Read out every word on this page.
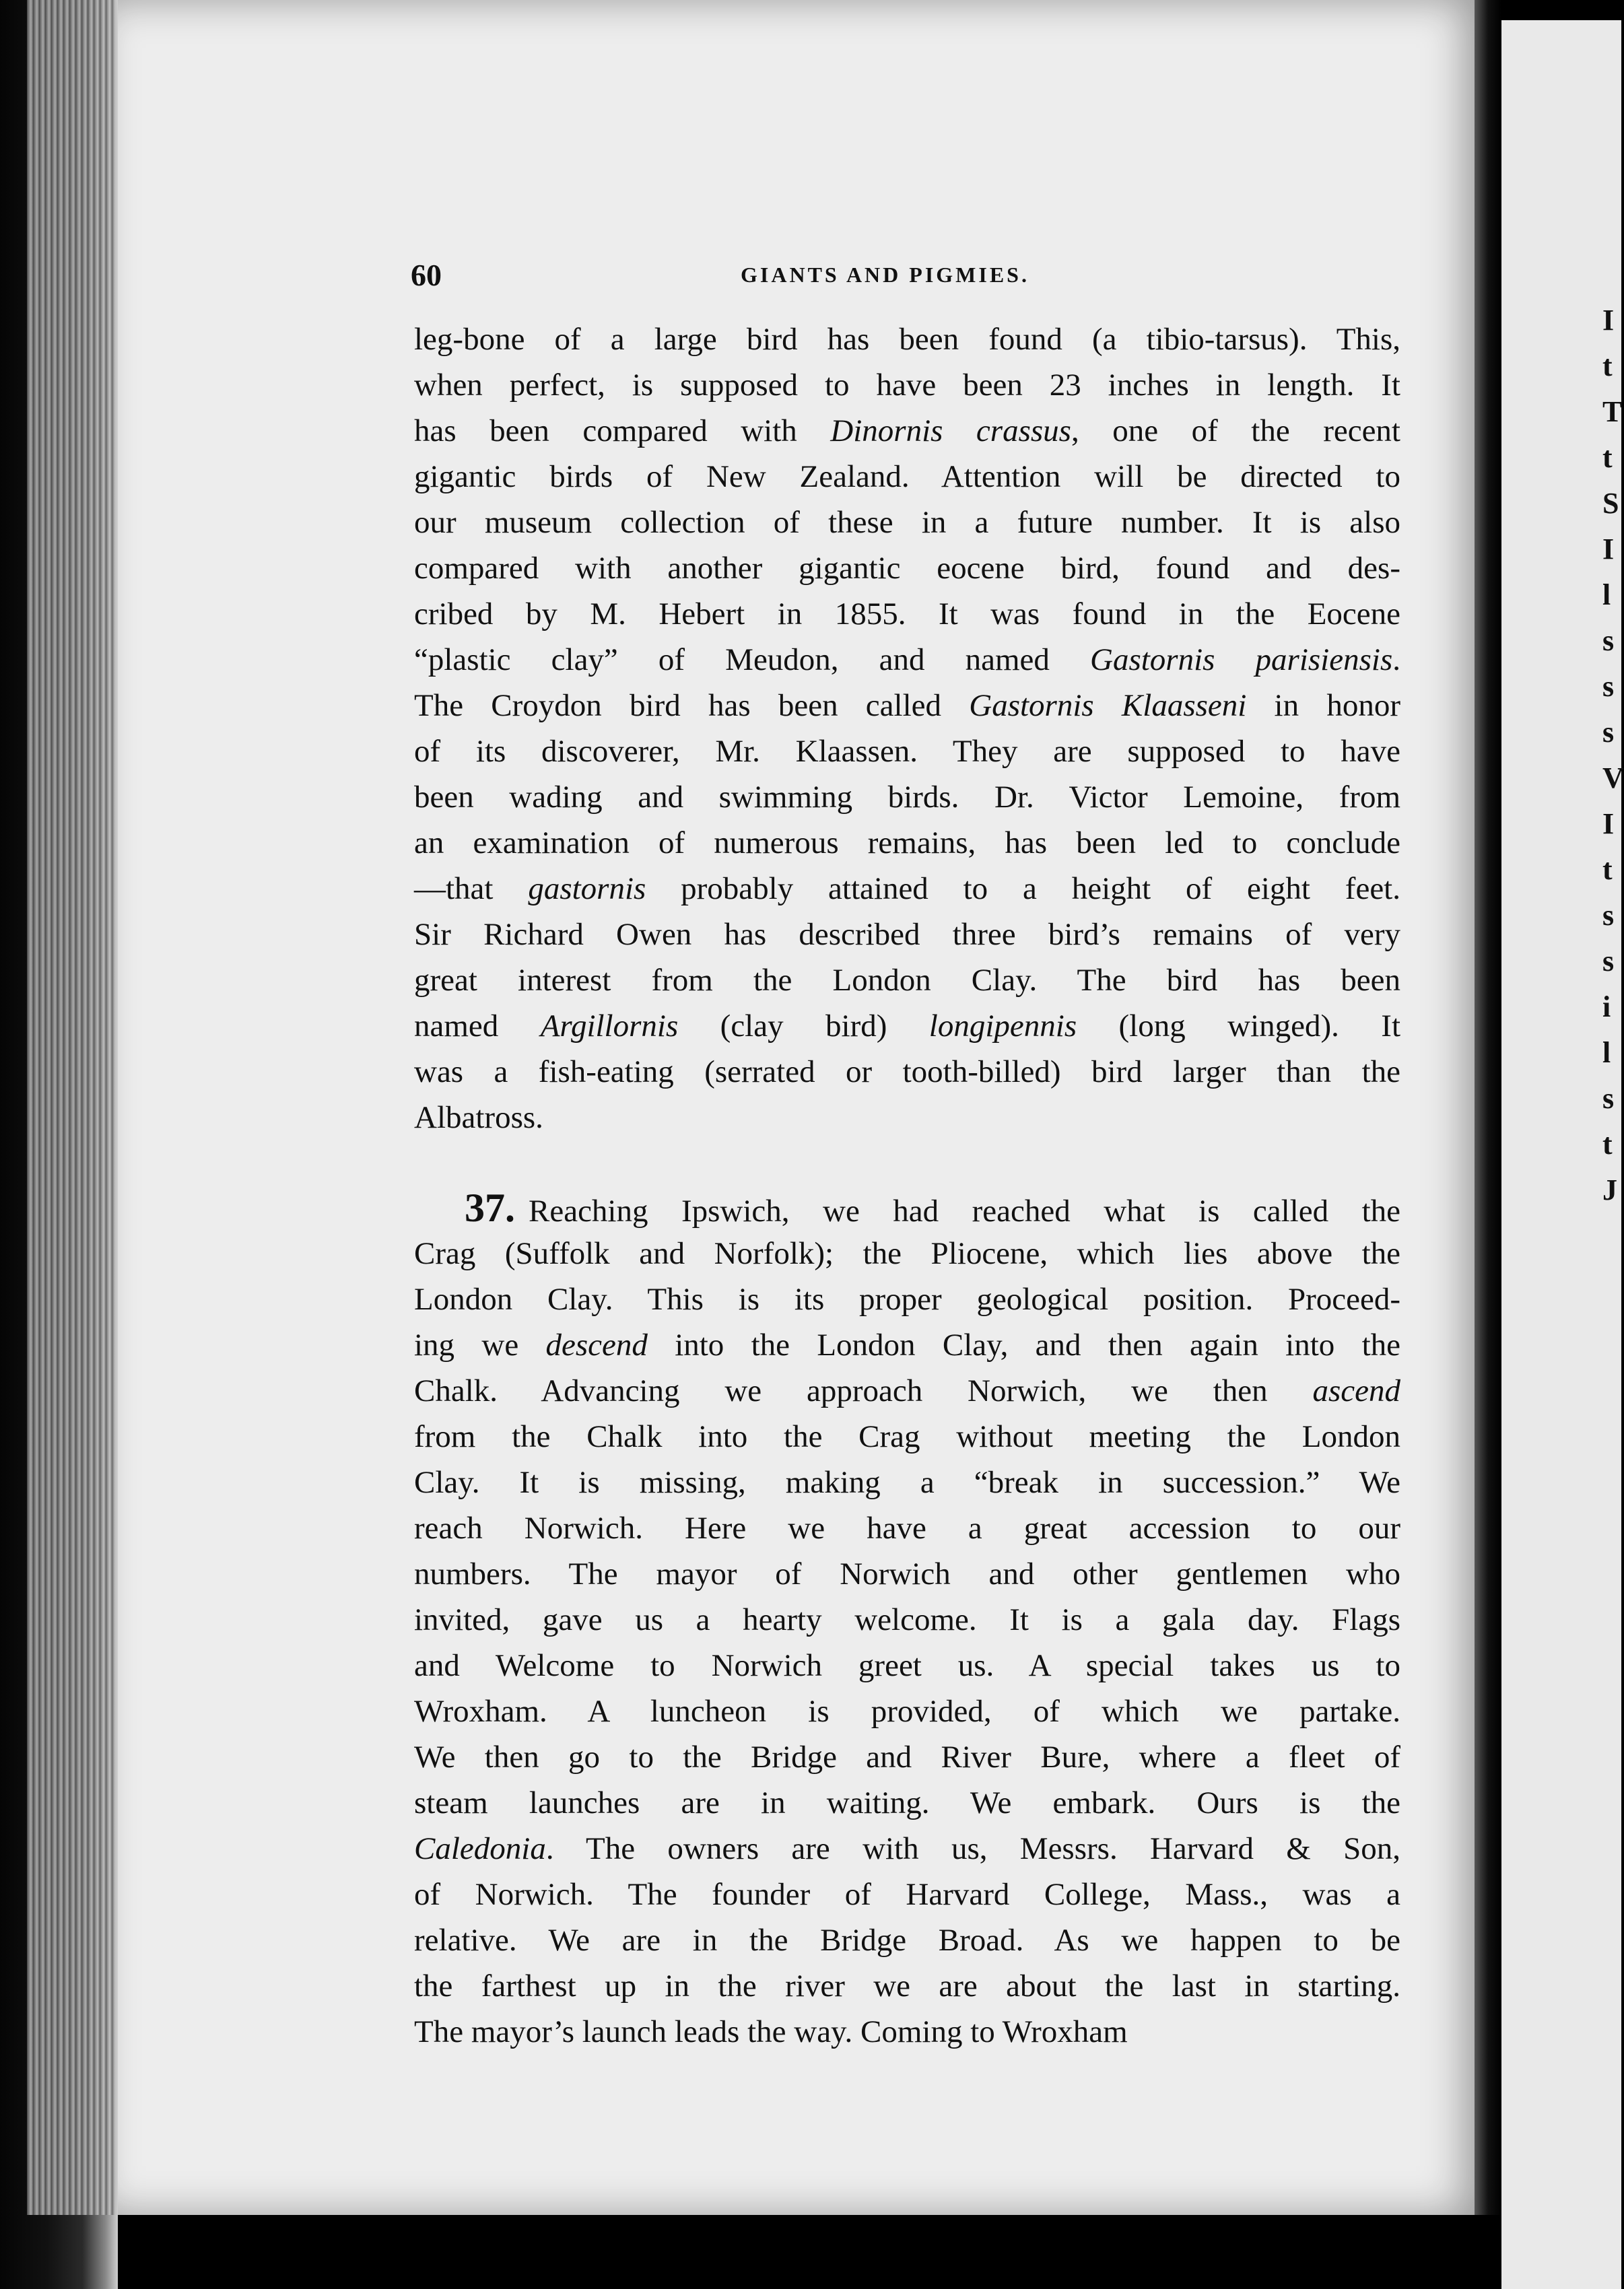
I
t
T
t
S
I
l
s
s
s
V
I
t
s
s
i
l
s
t
J
60	GIANTS AND PIGMIES.
leg-bone of a large bird has been found (a tibio-tarsus). This,
when perfect, is supposed to have been 23 inches in length. It
has been compared with Dinornis crassus, one of the recent
gigantic birds of New Zealand. Attention will be directed to
our museum collection of these in a future number. It is also
compared with another gigantic eocene bird, found and des-
cribed by M. Hebert in 1855. It was found in the Eocene
“plastic clay” of Meudon, and named Gastornis parisiensis.
The Croydon bird has been called Gastornis Klaasseni in honor
of its discoverer, Mr. Klaassen. They are supposed to have
been wading and swimming birds. Dr. Victor Lemoine, from
an examination of numerous remains, has been led to conclude
—that gastornis probably attained to a height of eight feet.
Sir Richard Owen has described three bird’s remains of very
great interest from the London Clay. The bird has been
named Argillornis (clay bird) longipennis (long winged). It
was a fish-eating (serrated or tooth-billed) bird larger than the
Albatross.
37. Reaching Ipswich, we had reached what is called the
Crag (Suffolk and Norfolk); the Pliocene, which lies above the
London Clay. This is its proper geological position. Proceed-
ing we descend into the London Clay, and then again into the
Chalk. Advancing we approach Norwich, we then ascend
from the Chalk into the Crag without meeting the London
Clay. It is missing, making a “break in succession.” We
reach Norwich. Here we have a great accession to our
numbers. The mayor of Norwich and other gentlemen who
invited, gave us a hearty welcome. It is a gala day. Flags
and Welcome to Norwich greet us. A special takes us to
Wroxham. A luncheon is provided, of which we partake.
We then go to the Bridge and River Bure, where a fleet of
steam launches are in waiting. We embark. Ours is the
Caledonia. The owners are with us, Messrs. Harvard & Son,
of Norwich. The founder of Harvard College, Mass., was a
relative. We are in the Bridge Broad. As we happen to be
the farthest up in the river we are about the last in starting.
The mayor’s launch leads the way. Coming to Wroxham
